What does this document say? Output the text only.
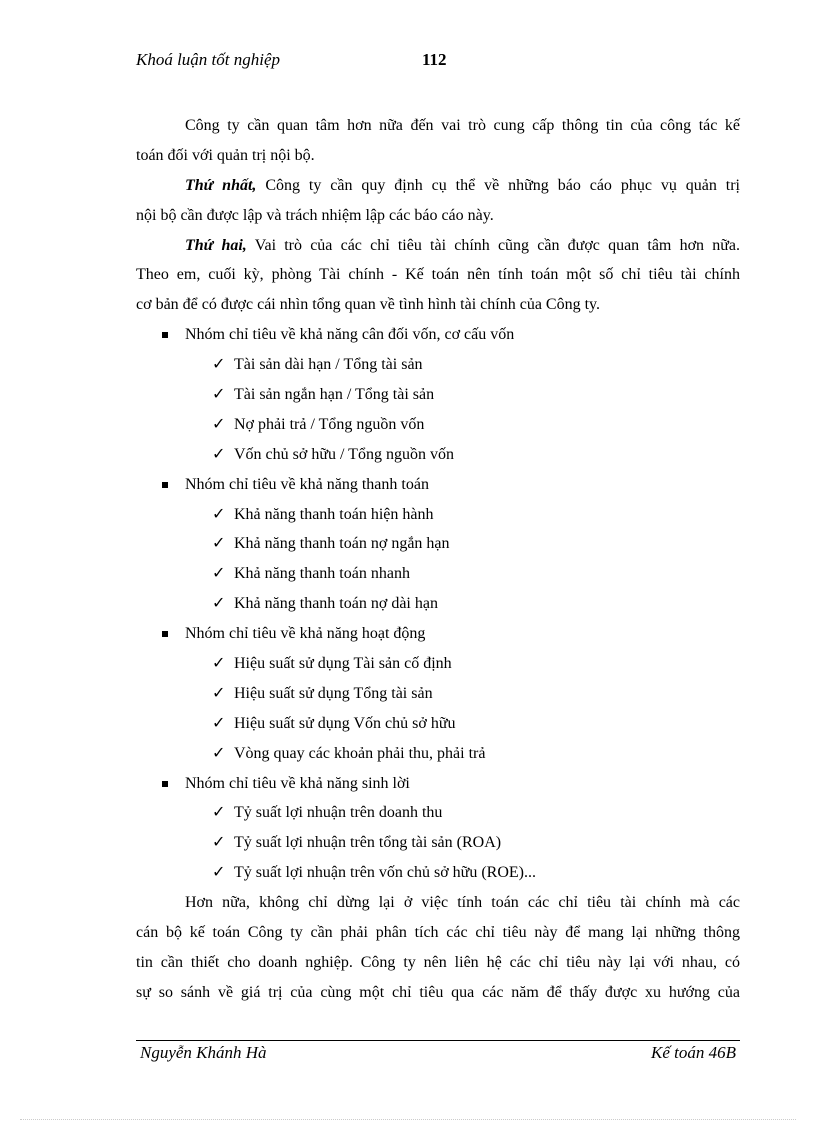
Khoá luận tốt nghiệp	112
Công ty cần quan tâm hơn nữa đến vai trò cung cấp thông tin của công tác kế
toán đối với quản trị nội bộ.
Thứ nhất, Công ty cần quy định cụ thể về những báo cáo phục vụ quản trị
nội bộ cần được lập và trách nhiệm lập các báo cáo này.
Thứ hai, Vai trò của các chỉ tiêu tài chính cũng cần được quan tâm hơn nữa.
Theo em, cuối kỳ, phòng Tài chính - Kế toán nên tính toán một số chỉ tiêu tài chính
cơ bản để có được cái nhìn tổng quan về tình hình tài chính của Công ty.
Nhóm chỉ tiêu về khả năng cân đối vốn, cơ cấu vốn
✓ Tài sản dài hạn / Tổng tài sản
✓ Tài sản ngắn hạn / Tổng tài sản
✓ Nợ phải trả / Tổng nguồn vốn
✓ Vốn chủ sở hữu / Tổng nguồn vốn
Nhóm chỉ tiêu về khả năng thanh toán
✓ Khả năng thanh toán hiện hành
✓ Khả năng thanh toán nợ ngắn hạn
✓ Khả năng thanh toán nhanh
✓ Khả năng thanh toán nợ dài hạn
Nhóm chỉ tiêu về khả năng hoạt động
✓ Hiệu suất sử dụng Tài sản cố định
✓ Hiệu suất sử dụng Tổng tài sản
✓ Hiệu suất sử dụng Vốn chủ sở hữu
✓ Vòng quay các khoản phải thu, phải trả
Nhóm chỉ tiêu về khả năng sinh lời
✓ Tỷ suất lợi nhuận trên doanh thu
✓ Tỷ suất lợi nhuận trên tổng tài sản (ROA)
✓ Tỷ suất lợi nhuận trên vốn chủ sở hữu (ROE)...
Hơn nữa, không chỉ dừng lại ở việc tính toán các chỉ tiêu tài chính mà các
cán bộ kế toán Công ty cần phải phân tích các chỉ tiêu này để mang lại những thông
tin cần thiết cho doanh nghiệp. Công ty nên liên hệ các chỉ tiêu này lại với nhau, có
sự so sánh về giá trị của cùng một chỉ tiêu qua các năm để thấy được xu hướng của
Nguyễn Khánh Hà	Kế toán 46B
